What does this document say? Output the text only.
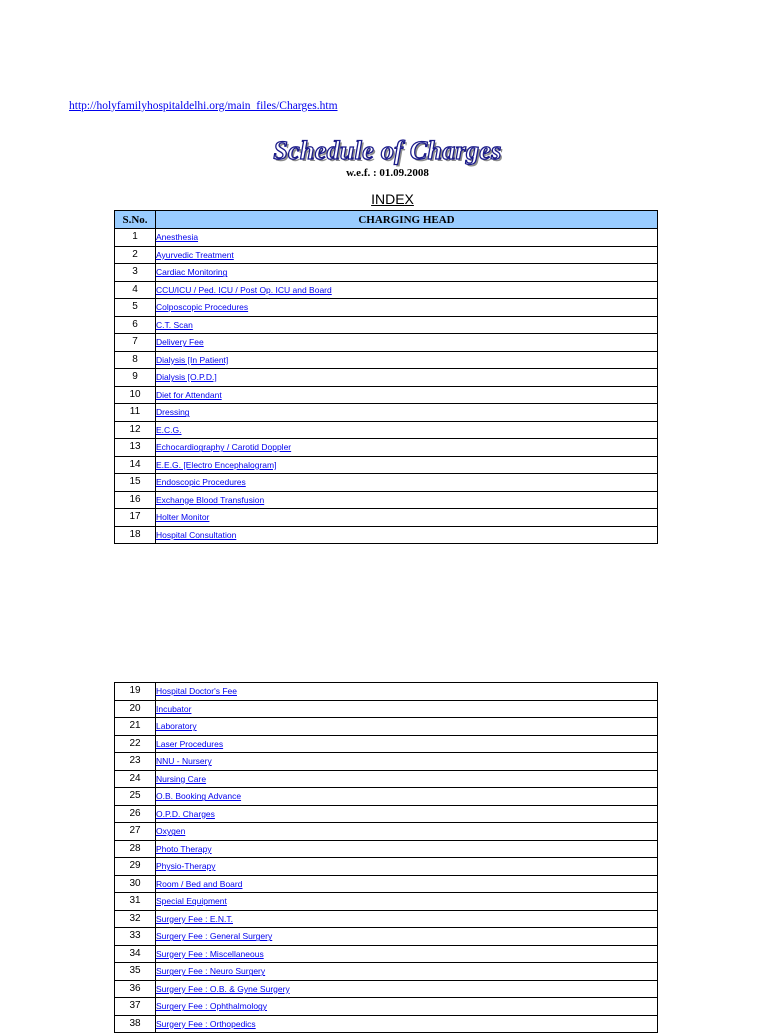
http://holyfamilyhospitaldelhi.org/main_files/Charges.htm
Schedule of Charges
w.e.f. : 01.09.2008
INDEX
S.No.	CHARGING HEAD
1	Anesthesia
2	Ayurvedic Treatment
3	Cardiac Monitoring
4	CCU/ICU / Ped. ICU / Post Op. ICU and Board
5	Colposcopic Procedures
6	C.T. Scan
7	Delivery Fee
8	Dialysis [In Patient]
9	Dialysis [O.P.D.]
10	Diet for Attendant
11	Dressing
12	E.C.G.
13	Echocardiography / Carotid Doppler
14	E.E.G. [Electro Encephalogram]
15	Endoscopic Procedures
16	Exchange Blood Transfusion
17	Holter Monitor
18	Hospital Consultation
19	Hospital Doctor's Fee
20	Incubator
21	Laboratory
22	Laser Procedures
23	NNU - Nursery
24	Nursing Care
25	O.B. Booking Advance
26	O.P.D. Charges
27	Oxygen
28	Photo Therapy
29	Physio-Therapy
30	Room / Bed and Board
31	Special Equipment
32	Surgery Fee : E.N.T.
33	Surgery Fee : General Surgery
34	Surgery Fee : Miscellaneous
35	Surgery Fee : Neuro Surgery
36	Surgery Fee : O.B. & Gyne Surgery
37	Surgery Fee : Ophthalmology
38	Surgery Fee : Orthopedics
